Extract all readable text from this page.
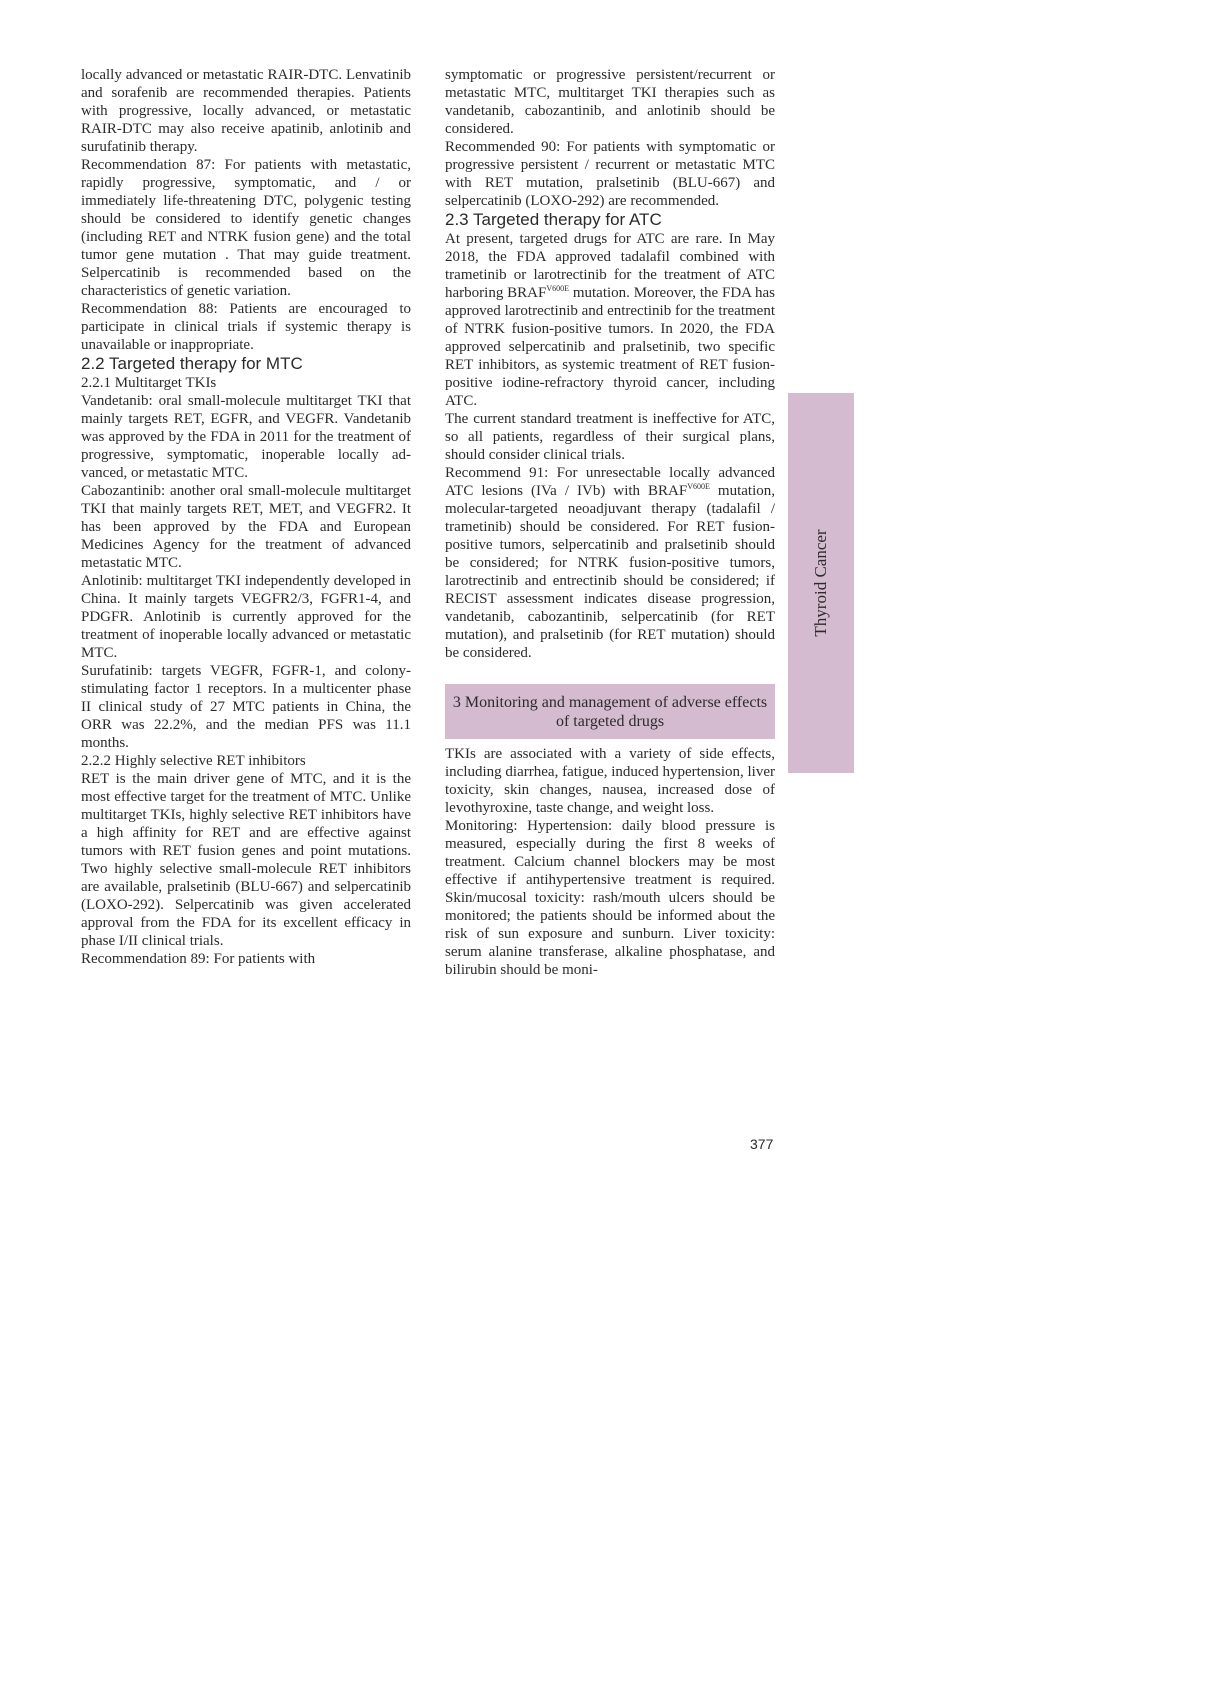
locally advanced or metastatic RAIR-DTC. Lenvatinib and sorafenib are recommended therapies. Patients with progressive, locally advanced, or metastatic RAIR-DTC may also receive apatinib, anlotinib and surufatinib therapy.

Recommendation 87: For patients with metastatic, rapidly progressive, symptomatic, and / or immediately life-threatening DTC, polygenic testing should be considered to identify genetic changes (including RET and NTRK fusion gene) and the total tumor gene mutation . That may guide treatment. Selpercatinib is recommended based on the characteristics of genetic variation.

Recommendation 88: Patients are encouraged to participate in clinical trials if systemic therapy is unavailable or inappropriate.

2.2 Targeted therapy for MTC
2.2.1 Multitarget TKIs

Vandetanib: oral small-molecule multitarget TKI that mainly targets RET, EGFR, and VEGFR. Vandetanib was approved by the FDA in 2011 for the treatment of progressive, symptomatic, inoperable locally advanced, or metastatic MTC.

Cabozantinib: another oral small-molecule multitarget TKI that mainly targets RET, MET, and VEGFR2. It has been approved by the FDA and European Medicines Agency for the treatment of advanced metastatic MTC.

Anlotinib: multitarget TKI independently developed in China. It mainly targets VEGFR2/3, FGFR1-4, and PDGFR. Anlotinib is currently approved for the treatment of inoperable locally advanced or metastatic MTC.

Surufatinib: targets VEGFR, FGFR-1, and colony-stimulating factor 1 receptors. In a multicenter phase II clinical study of 27 MTC patients in China, the ORR was 22.2%, and the median PFS was 11.1 months.

2.2.2 Highly selective RET inhibitors

RET is the main driver gene of MTC, and it is the most effective target for the treatment of MTC. Unlike multitarget TKIs, highly selective RET inhibitors have a high affinity for RET and are effective against tumors with RET fusion genes and point mutations. Two highly selective small-molecule RET inhibitors are available, pralsetinib (BLU-667) and selpercatinib (LOXO-292). Selpercatinib was given accelerated approval from the FDA for its excellent efficacy in phase I/II clinical trials.

Recommendation 89: For patients with

symptomatic or progressive persistent/recurrent or metastatic MTC, multitarget TKI therapies such as vandetanib, cabozantinib, and anlotinib should be considered.

Recommended 90: For patients with symptomatic or progressive persistent / recurrent or metastatic MTC with RET mutation, pralsetinib (BLU-667) and selpercatinib (LOXO-292) are recommended.

2.3 Targeted therapy for ATC

At present, targeted drugs for ATC are rare. In May 2018, the FDA approved tadalafil combined with trametinib or larotrectinib for the treatment of ATC harboring $BRAF^{V600E}$ mutation. Moreover, the FDA has approved larotrectinib and entrectinib for the treatment of NTRK fusion-positive tumors. In 2020, the FDA approved selpercatinib and pralsetinib, two specific RET inhibitors, as systemic treatment of RET fusion-positive iodine-refractory thyroid cancer, including ATC.

The current standard treatment is ineffective for ATC, so all patients, regardless of their surgical plans, should consider clinical trials.

Recommend 91: For unresectable locally advanced ATC lesions (IVa / IVb) with $BRAF^{V600E}$ mutation, molecular-targeted neoadjuvant therapy (tadalafil / trametinib) should be considered. For RET fusion-positive tumors, selpercatinib and pralsetinib should be considered; for NTRK fusion-positive tumors, larotrectinib and entrectinib should be considered; if RECIST assessment indicates disease progression, vandetanib, cabozantinib, selpercatinib (for RET mutation), and pralsetinib (for RET mutation) should be considered.

3 Monitoring and management of adverse effects of targeted drugs

TKIs are associated with a variety of side effects, including diarrhea, fatigue, induced hypertension, liver toxicity, skin changes, nausea, increased dose of levothyroxine, taste change, and weight loss.

Monitoring: Hypertension: daily blood pressure is measured, especially during the first 8 weeks of treatment. Calcium channel blockers may be most effective if antihypertensive treatment is required. Skin/mucosal toxicity: rash/mouth ulcers should be monitored; the patients should be informed about the risk of sun exposure and sunburn. Liver toxicity: serum alanine transferase, alkaline phosphatase, and bilirubin should be moni-

Thyroid Cancer
377
